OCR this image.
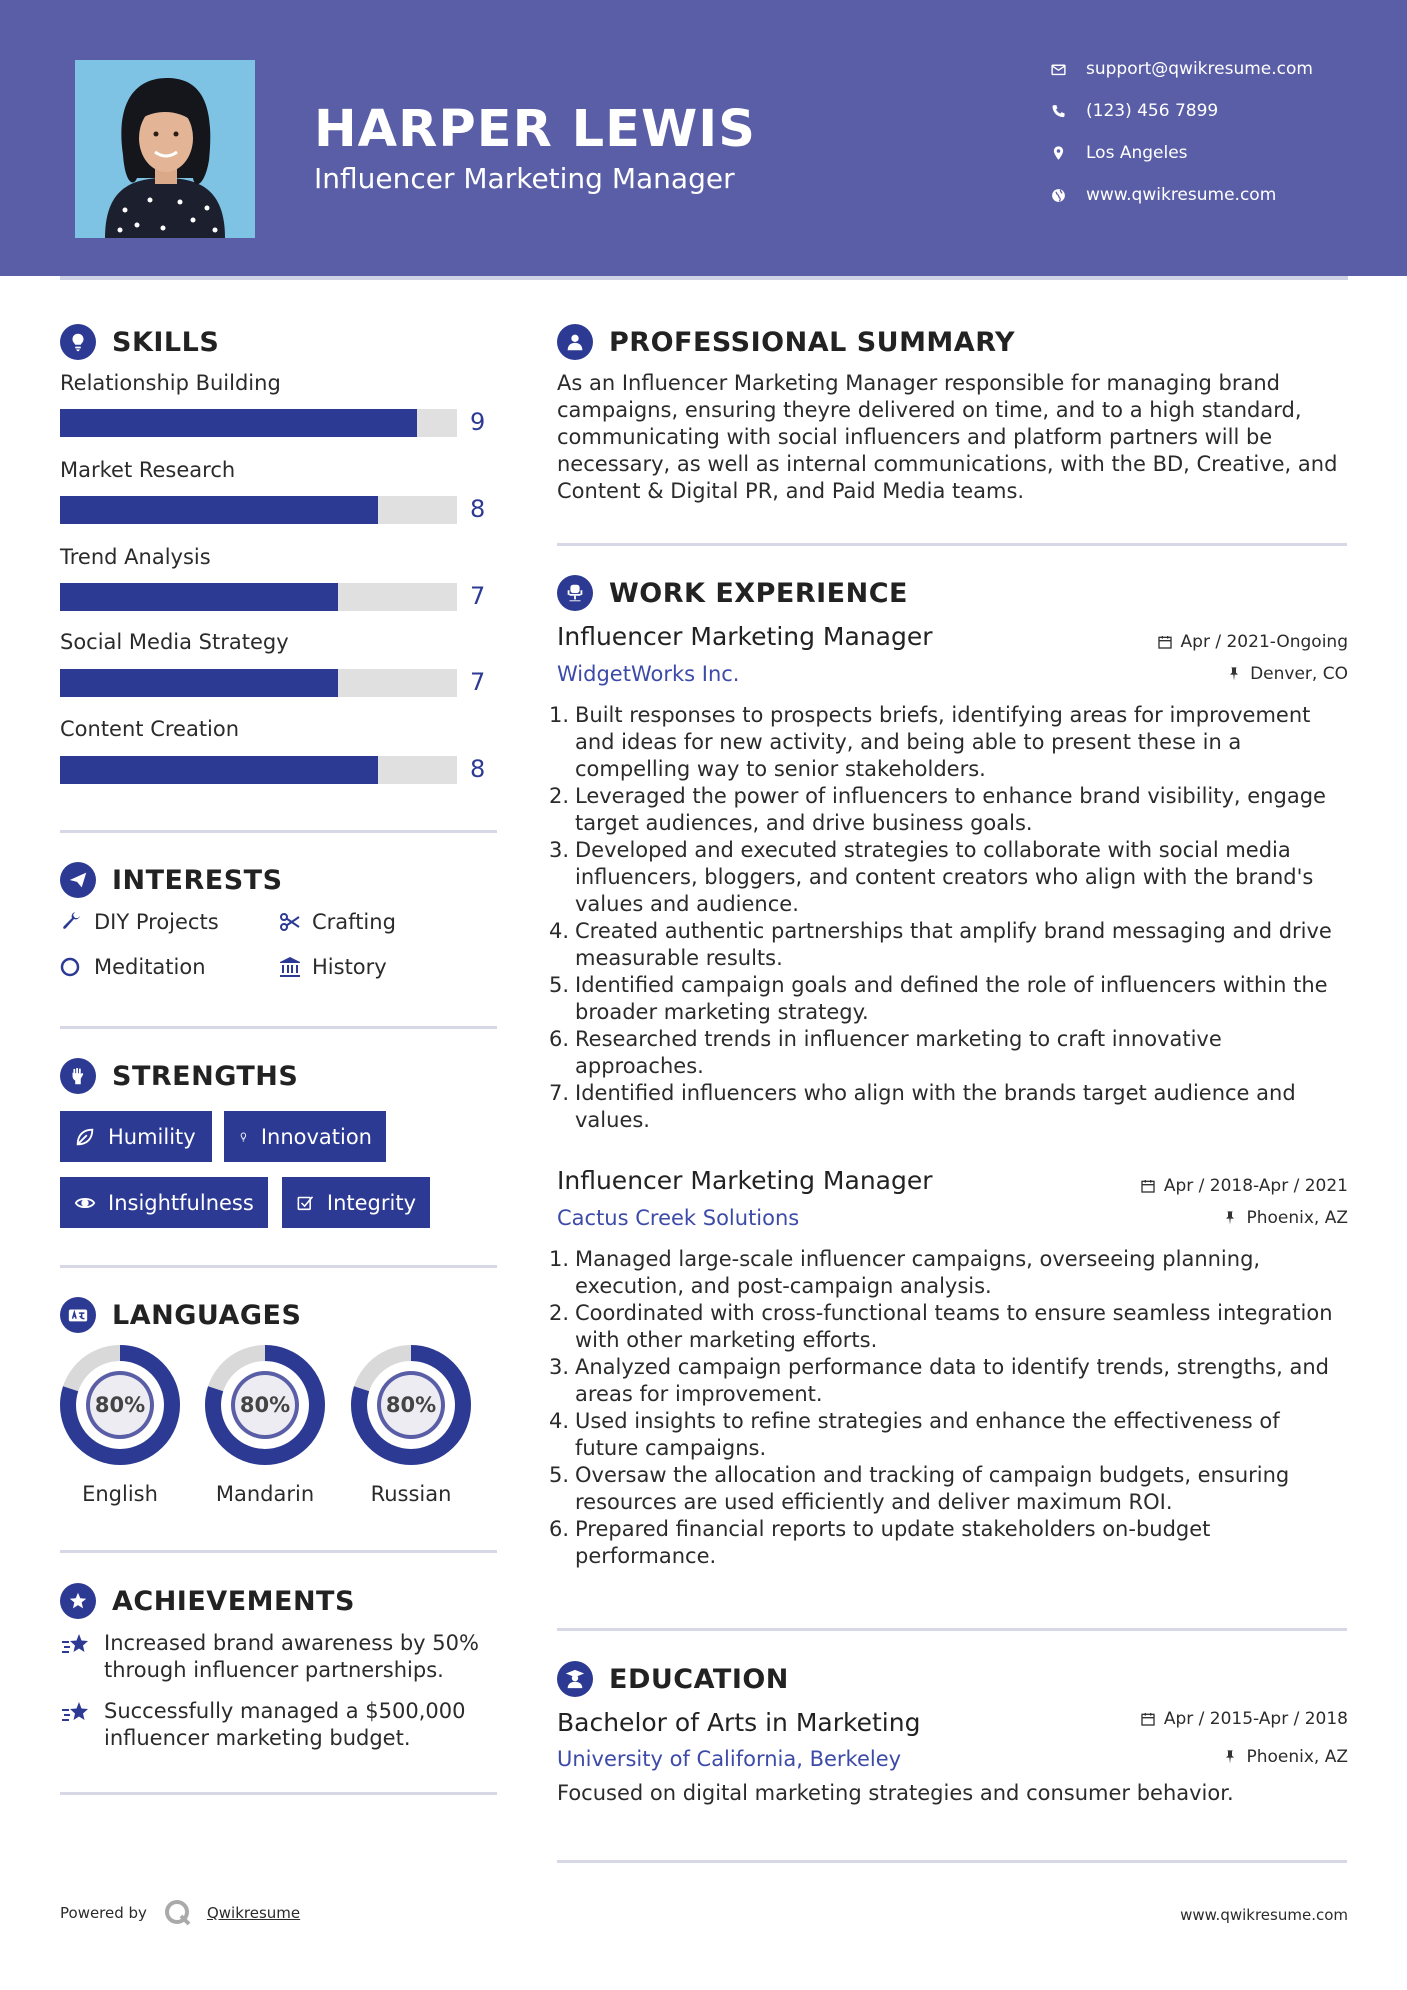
HARPER LEWIS
Influencer Marketing Manager
support@qwikresume.com
(123) 456 7899
Los Angeles
www.qwikresume.com
SKILLS
Relationship Building
9
Market Research
8
Trend Analysis
7
Social Media Strategy
7
Content Creation
8
INTERESTS
DIY Projects	Crafting
Meditation	History
STRENGTHS
Humility	Innovation
Insightfulness	Integrity
LANGUAGES
80%
English
80%
Mandarin
80%
Russian
ACHIEVEMENTS
Increased brand awareness by 50% through influencer partnerships.
Successfully managed a $500,000 influencer marketing budget.
PROFESSIONAL SUMMARY
As an Influencer Marketing Manager responsible for managing brand campaigns, ensuring theyre delivered on time, and to a high standard, communicating with social influencers and platform partners will be necessary, as well as internal communications, with the BD, Creative, and Content & Digital PR, and Paid Media teams.
WORK EXPERIENCE
Influencer Marketing Manager	Apr / 2021-Ongoing
WidgetWorks Inc.	Denver, CO
1. Built responses to prospects briefs, identifying areas for improvement and ideas for new activity, and being able to present these in a compelling way to senior stakeholders.
2. Leveraged the power of influencers to enhance brand visibility, engage target audiences, and drive business goals.
3. Developed and executed strategies to collaborate with social media influencers, bloggers, and content creators who align with the brand's values and audience.
4. Created authentic partnerships that amplify brand messaging and drive measurable results.
5. Identified campaign goals and defined the role of influencers within the broader marketing strategy.
6. Researched trends in influencer marketing to craft innovative approaches.
7. Identified influencers who align with the brands target audience and values.
Influencer Marketing Manager	Apr / 2018-Apr / 2021
Cactus Creek Solutions	Phoenix, AZ
1. Managed large-scale influencer campaigns, overseeing planning, execution, and post-campaign analysis.
2. Coordinated with cross-functional teams to ensure seamless integration with other marketing efforts.
3. Analyzed campaign performance data to identify trends, strengths, and areas for improvement.
4. Used insights to refine strategies and enhance the effectiveness of future campaigns.
5. Oversaw the allocation and tracking of campaign budgets, ensuring resources are used efficiently and deliver maximum ROI.
6. Prepared financial reports to update stakeholders on-budget performance.
EDUCATION
Bachelor of Arts in Marketing	Apr / 2015-Apr / 2018
University of California, Berkeley	Phoenix, AZ
Focused on digital marketing strategies and consumer behavior.
Powered by	Qwikresume	www.qwikresume.com
